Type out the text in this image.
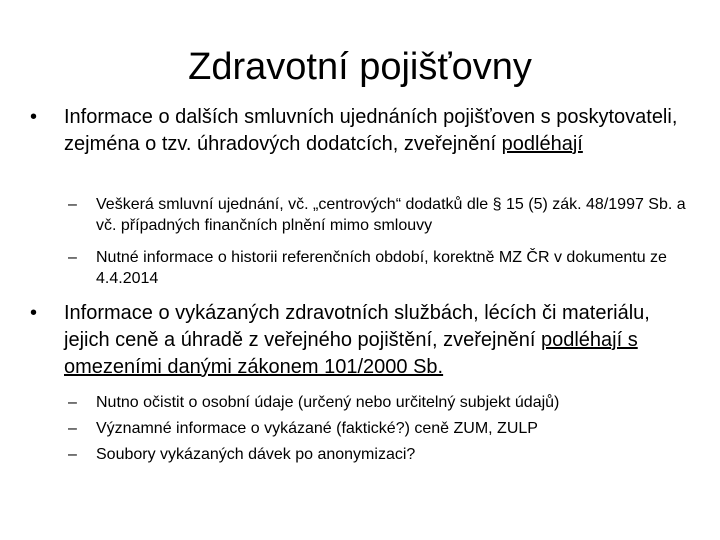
Zdravotní pojišťovny
• Informace o dalších smluvních ujednáních pojišťoven s poskytovateli, zejména o tzv. úhradových dodatcích, zveřejnění podléhají
– Veškerá smluvní ujednání, vč. „centrových“ dodatků dle § 15 (5) zák. 48/1997 Sb. a vč. případných finančních plnění mimo smlouvy
– Nutné informace o historii referenčních období, korektně MZ ČR v dokumentu ze 4.4.2014
• Informace o vykázaných zdravotních službách, lécích či materiálu, jejich ceně a úhradě z veřejného pojištění, zveřejnění podléhají s omezeními danými zákonem 101/2000 Sb.
– Nutno očistit o osobní údaje (určený nebo určitelný subjekt údajů)
– Významné informace o vykázané (faktické?) ceně ZUM, ZULP
– Soubory vykázaných dávek po anonymizaci?
